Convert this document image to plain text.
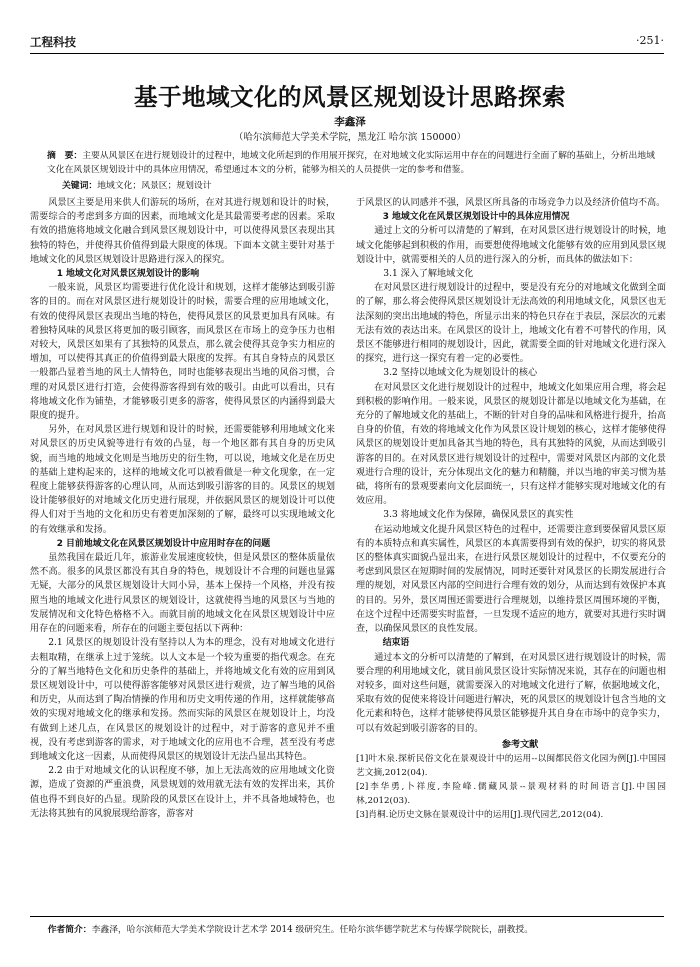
工程科技	·251·
基于地域文化的风景区规划设计思路探索
李鑫泽
（哈尔滨师范大学美术学院，黑龙江 哈尔滨 150000）
摘　要：主要从风景区在进行规划设计的过程中，地域文化所起到的作用展开探究，在对地域文化实际运用中存在的问题进行全面了解的基础上，分析出地域文化在风景区规划设计中的具体应用情况，希望通过本文的分析，能够为相关的人员提供一定的参考和借鉴。
关键词：地域文化；风景区；规划设计

风景区主要是用来供人们游玩的场所，在对其进行规划和设计的时候，需要综合的考虑到多方面的因素，而地域文化是其最需要考虑的因素。采取有效的措施将地域文化融合到风景区规划设计中，可以使得风景区表现出其独特的特色，并使得其价值得到最大限度的体现。下面本文就主要针对基于地域文化的风景区规划设计思路进行深入的探究。

1 地域文化对风景区规划设计的影响

一般来说，风景区均需要进行优化设计和规划，这样才能够达到吸引游客的目的。而在对风景区进行规划设计的时候，需要合理的应用地域文化，有效的使得风景区表现出当地的特色，使得风景区的风景更加具有风味。有着独特风味的风景区将更加的吸引顾客，而风景区在市场上的竞争压力也相对较大，风景区如果有了其独特的风景点，那么就会使得其竞争实力相应的增加，可以使得其真正的价值得到最大限度的发挥。有其自身特点的风景区一般都凸显着当地的风土人情特色，同时也能够表现出当地的风俗习惯，合理的对风景区进行打造，会使得游客得到有效的吸引。由此可以看出，只有将地域文化作为铺垫，才能够吸引更多的游客，使得风景区的内涵得到最大限度的提升。

另外，在对风景区进行规划和设计的时候，还需要能够利用地域文化来对风景区的历史风貌等进行有效的凸显，每一个地区都有其自身的历史风貌，而当地的地域文化则是当地历史的衍生物，可以说，地域文化是在历史的基础上建构起来的，这样的地域文化可以被看做是一种文化现象，在一定程度上能够获得游客的心理认同，从而达到吸引游客的目的。风景区的规划设计能够很好的对地域文化历史进行展现，并依据风景区的规划设计可以使得人们对于当地的文化和历史有着更加深刻的了解，最终可以实现地域文化的有效继承和发扬。

2 目前地域文化在风景区规划设计中应用时存在的问题

虽然我国在最近几年，旅游业发展速度较快，但是风景区的整体质量依然不高。很多的风景区都没有其自身的特色，规划设计不合理的问题也显露无疑，大部分的风景区规划设计大同小异，基本上保持一个风格，并没有按照当地的地域文化进行风景区的规划设计，这就使得当地的风景区与当地的发展情况和文化特色格格不入。而就目前的地域文化在风景区规划设计中应用存在的问题来看，所存在的问题主要包括以下两种：

2.1 风景区的规划设计没有坚持以人为本的理念，没有对地域文化进行去粗取精，在继承上过于笼统。以人文本是一个较为重要的指代观念。在充分的了解当地特色文化和历史条件的基础上，并将地域文化有效的应用到风景区规划设计中，可以使得游客能够对风景区进行观赏，边了解当地的风俗和历史，从而达到了陶冶情操的作用和历史文明传递的作用，这样就能够高效的实现对地域文化的继承和发扬。然而实际的风景区在规划设计上，均没有做到上述几点，在风景区的规划设计的过程中，对于游客的意见并不重视，没有考虑到游客的需求，对于地域文化的应用也不合理，甚至没有考虑到地域文化这一因素，从而使得风景区的规划设计无法凸显出其特色。

2.2 由于对地域文化的认识程度不够，加上无法高效的应用地域文化资源，造成了资源的严重浪费，风景规划的效用就无法有效的发挥出来，其价值也得不到良好的凸显。现阶段的风景区在设计上，并不具备地域特色，也无法将其独有的风貌展现给游客，游客对

于风景区的认同感并不强，风景区所具备的市场竞争力以及经济价值均不高。

3 地域文化在风景区规划设计中的具体应用情况

通过上文的分析可以清楚的了解到，在对风景区进行规划设计的时候，地域文化能够起到积极的作用，而要想使得地域文化能够有效的应用到风景区规划设计中，就需要相关的人员的进行深入的分析，而具体的做法如下：

3.1 深入了解地域文化

在对风景区进行规划设计的过程中，要是没有充分的对地域文化做到全面的了解，那么将会使得风景区规划设计无法高效的利用地域文化，风景区也无法深刻的突出出地域的特色，所显示出来的特色只存在于表层，深层次的元素无法有效的表达出来。在风景区的设计上，地域文化有着不可替代的作用，风景区不能够进行相同的规划设计，因此，就需要全面的针对地域文化进行深入的探究，进行这一探究有着一定的必要性。

3.2 坚持以地域文化为规划设计的核心

在对风景区文化进行规划设计的过程中，地域文化如果应用合理，将会起到积极的影响作用。一般来说，风景区的规划设计都是以地域文化为基础，在充分的了解地域文化的基础上，不断的针对自身的品味和风格进行提升，抬高自身的价值，有效的将地域文化作为风景区设计规划的核心，这样才能够使得风景区的规划设计更加具备其当地的特色，具有其独特的风貌，从而达到吸引游客的目的。在对风景区进行规划设计的过程中，需要对风景区内部的文化景观进行合理的设计，充分体现出文化的魅力和精髓，并以当地的审美习惯为基础，将所有的景观要素向文化层面统一，只有这样才能够实现对地域文化的有效应用。

3.3 将地域文化作为保障，确保风景区的真实性

在运动地域文化提升风景区特色的过程中，还需要注意到要保留风景区原有的本质特点和真实属性，风景区的本真需要得到有效的保护，切实的将风景区的整体真实面貌凸显出来，在进行风景区规划设计的过程中，不仅要充分的考虑到风景区在短期时间的发展情况，同时还要针对风景区的长期发展进行合理的规划，对风景区内部的空间进行合理有效的划分，从而达到有效保护本真的目的。另外，景区周围还需要进行合理规划，以维持景区周围环境的平衡，在这个过程中还需要实时监督，一旦发现不适应的地方，就要对其进行实时调查，以确保风景区的良性发展。

结束语

通过本文的分析可以清楚的了解到，在对风景区进行规划设计的时候，需要合理的利用地域文化，就目前风景区设计实际情况来说，其存在的问题也相对较多，面对这些问题，就需要深入的对地域文化进行了解，依据地域文化，采取有效的促使来将设计问题进行解决，死的风景区的规划设计包含当地的文化元素和特色，这样才能够使得风景区能够提升其自身在市场中的竞争实力，可以有效起到吸引游客的目的。

参考文献

[1]叶木泉.探析民俗文化在景观设计中的运用--以闽都民俗文化园为例[J].中国园艺文摘,2012(04).

[2]李华勇,卜祥度,李险峰.儒藏风景--景观材料的时间语言[J].中国园林,2012(03).

[3]肖桐.论历史文脉在景观设计中的运用[J].现代园艺,2012(04).

作者简介：李鑫泽，哈尔滨师范大学美术学院设计艺术学 2014 级研究生。任哈尔滨华德学院艺术与传媒学院院长，副教授。
